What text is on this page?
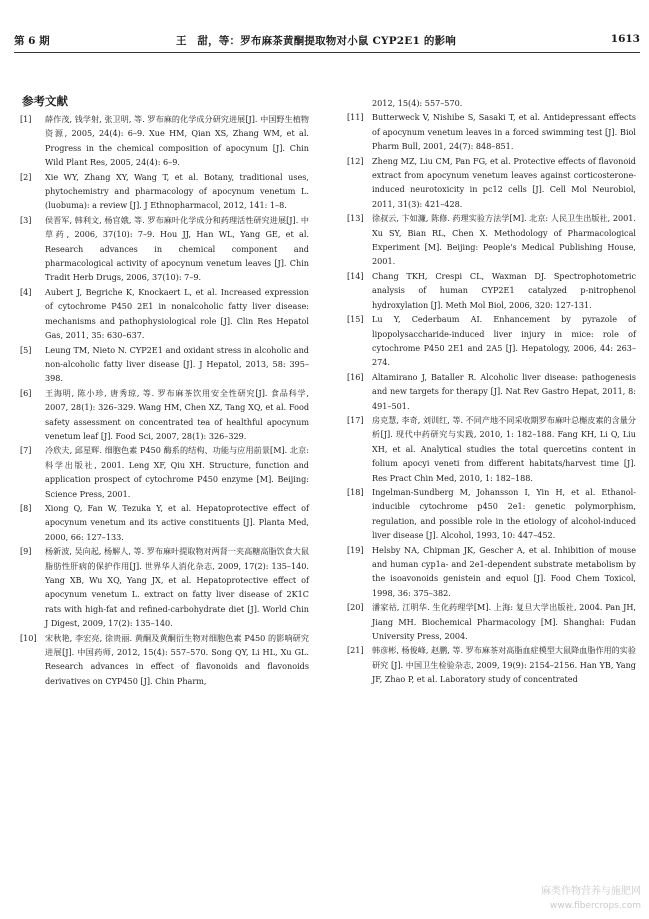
第 6 期	王　甜，等：罗布麻茶黄酮提取物对小鼠 CYP2E1 的影响	1613
参考文献
[1] 薛作茂, 钱学射, 张卫明, 等. 罗布麻的化学成分研究进展[J]. 中国野生植物资源, 2005, 24(4): 6–9. Xue HM, Qian XS, Zhang WM, et al. Progress in the chemical composition of apocynum [J]. Chin Wild Plant Res, 2005, 24(4): 6–9.
[2] Xie WY, Zhang XY, Wang T, et al. Botany, traditional uses, phytochemistry and pharmacology of apocynum venetum L. (luobuma): a review [J]. J Ethnopharmacol, 2012, 141: 1–8.
[3] 侯晋军, 韩利文, 杨官娥, 等. 罗布麻叶化学成分和药理活性研究进展[J]. 中草药, 2006, 37(10): 7–9. Hou JJ, Han WL, Yang GE, et al. Research advances in chemical component and pharmacological activity of apocynum venetum leaves [J]. Chin Tradit Herb Drugs, 2006, 37(10): 7–9.
[4] Aubert J, Begriche K, Knockaert L, et al. Increased expression of cytochrome P450 2E1 in nonalcoholic fatty liver disease: mechanisms and pathophysiological role [J]. Clin Res Hepatol Gas, 2011, 35: 630–637.
[5] Leung TM, Nieto N. CYP2E1 and oxidant stress in alcoholic and non-alcoholic fatty liver disease [J]. J Hepatol, 2013, 58: 395–398.
[6] 王海明, 陈小珍, 唐秀琼, 等. 罗布麻茶饮用安全性研究[J]. 食品科学, 2007, 28(1): 326–329. Wang HM, Chen XZ, Tang XQ, et al. Food safety assessment on concentrated tea of healthful apocynum venetum leaf [J]. Food Sci, 2007, 28(1): 326–329.
[7] 冷欣夫, 邱星辉. 细胞色素 P450 酶系的结构、功能与应用前景[M]. 北京: 科学出版社, 2001. Leng XF, Qiu XH. Structure, function and application prospect of cytochrome P450 enzyme [M]. Beijing: Science Press, 2001.
[8] Xiong Q, Fan W, Tezuka Y, et al. Hepatoprotective effect of apocynum venetum and its active constituents [J]. Planta Med, 2000, 66: 127–133.
[9] 杨新波, 吴向起, 杨解人, 等. 罗布麻叶提取物对两肾一夹高糖高脂饮食大鼠脂肪性肝病的保护作用[J]. 世界华人消化杂志, 2009, 17(2): 135–140. Yang XB, Wu XQ, Yang JX, et al. Hepatoprotective effect of apocynum venetum L. extract on fatty liver disease of 2K1C rats with high-fat and refined-carbohydrate diet [J]. World Chin J Digest, 2009, 17(2): 135–140.
[10] 宋秋艳, 李宏亮, 徐贵丽. 黄酮及黄酮衍生物对细胞色素 P450 的影响研究进展[J]. 中国药师, 2012, 15(4): 557–570. Song QY, Li HL, Xu GL. Research advances in effect of flavonoids and flavonoids derivatives on CYP450 [J]. Chin Pharm,
2012, 15(4): 557–570.
[11] Butterweck V, Nishibe S, Sasaki T, et al. Antidepressant effects of apocynum venetum leaves in a forced swimming test [J]. Biol Pharm Bull, 2001, 24(7): 848–851.
[12] Zheng MZ, Liu CM, Pan FG, et al. Protective effects of flavonoid extract from apocynum venetum leaves against corticosterone-induced neurotoxicity in pc12 cells [J]. Cell Mol Neurobiol, 2011, 31(3): 421–428.
[13] 徐叔云, 卞如濂, 陈修. 药理实验方法学[M]. 北京: 人民卫生出版社, 2001. Xu SY, Bian RL, Chen X. Methodology of Pharmacological Experiment [M]. Beijing: People's Medical Publishing House, 2001.
[14] Chang TKH, Crespi CL, Waxman DJ. Spectrophotometric analysis of human CYP2E1 catalyzed p-nitrophenol hydroxylation [J]. Meth Mol Biol, 2006, 320: 127-131.
[15] Lu Y, Cederbaum AI. Enhancement by pyrazole of lipopolysaccharide-induced liver injury in mice: role of cytochrome P450 2E1 and 2A5 [J]. Hepatology, 2006, 44: 263–274.
[16] Altamirano J, Bataller R. Alcoholic liver disease: pathogenesis and new targets for therapy [J]. Nat Rev Gastro Hepat, 2011, 8: 491–501.
[17] 房克慧, 李奇, 刘训红, 等. 不同产地不同采收期罗布麻叶总槲皮素的含量分析[J]. 现代中药研究与实践, 2010, 1: 182–188. Fang KH, Li Q, Liu XH, et al. Analytical studies the total quercetins content in folium apocyi veneti from different habitats/harvest time [J]. Res Pract Chin Med, 2010, 1: 182–188.
[18] Ingelman-Sundberg M, Johansson I, Yin H, et al. Ethanol-inducible cytochrome p450 2e1: genetic polymorphism, regulation, and possible role in the etiology of alcohol-induced liver disease [J]. Alcohol, 1993, 10: 447–452.
[19] Helsby NA, Chipman JK, Gescher A, et al. Inhibition of mouse and human cyp1a- and 2e1-dependent substrate metabolism by the isoavonoids genistein and equol [J]. Food Chem Toxicol, 1998, 36: 375–382.
[20] 潘家祜, 江明华. 生化药理学[M]. 上海: 复旦大学出版社, 2004. Pan JH, Jiang MH. Biochemical Pharmacology [M]. Shanghai: Fudan University Press, 2004.
[21] 韩彦彬, 杨俊峰, 赵鹏, 等. 罗布麻茶对高脂血症模型大鼠降血脂作用的实验研究 [J]. 中国卫生检验杂志, 2009, 19(9): 2154–2156. Han YB, Yang JF, Zhao P, et al. Laboratory study of concentrated
麻类作物营养与施肥网
www.fibercrops.com
